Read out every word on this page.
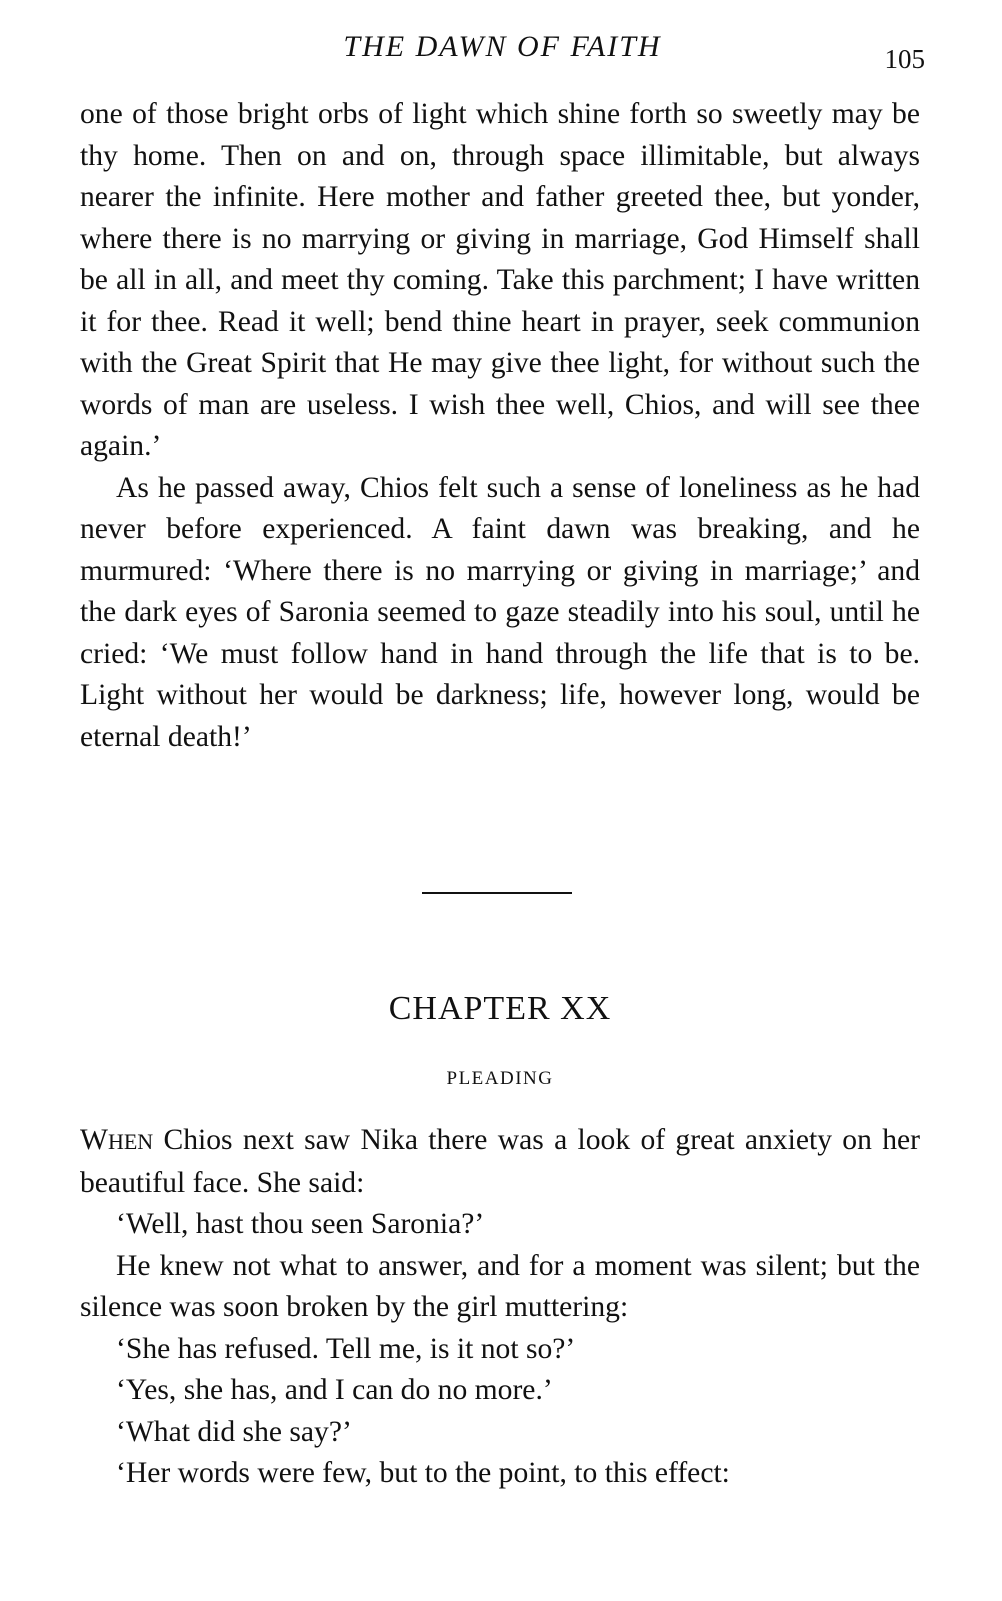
THE DAWN OF FAITH	105

one of those bright orbs of light which shine forth so sweetly may be thy home. Then on and on, through space illimitable, but always nearer the infinite. Here mother and father greeted thee, but yonder, where there is no marrying or giving in marriage, God Himself shall be all in all, and meet thy coming. Take this parchment; I have written it for thee. Read it well; bend thine heart in prayer, seek communion with the Great Spirit that He may give thee light, for without such the words of man are useless. I wish thee well, Chios, and will see thee again.’

As he passed away, Chios felt such a sense of loneliness as he had never before experienced. A faint dawn was breaking, and he murmured: ‘Where there is no marrying or giving in marriage;’ and the dark eyes of Saronia seemed to gaze steadily into his soul, until he cried: ‘We must follow hand in hand through the life that is to be. Light without her would be darkness; life, however long, would be eternal death!’

CHAPTER XX
PLEADING

WHEN Chios next saw Nika there was a look of great anxiety on her beautiful face. She said:

‘Well, hast thou seen Saronia?’

He knew not what to answer, and for a moment was silent; but the silence was soon broken by the girl muttering:

‘She has refused. Tell me, is it not so?’

‘Yes, she has, and I can do no more.’

‘What did she say?’

‘Her words were few, but to the point, to this effect:
